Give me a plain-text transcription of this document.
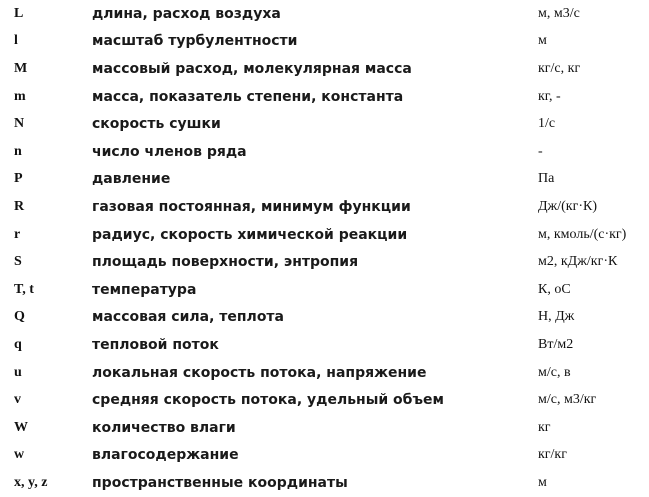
L	длина, расход воздуха	м, м3/с
l	масштаб турбулентности	м
M	массовый расход, молекулярная масса	кг/с, кг
m	масса, показатель степени, константа	кг, -
N	скорость сушки	1/с
n	число членов ряда	-
P	давление	Па
R	газовая постоянная, минимум функции	Дж/(кг·К)
r	радиус, скорость химической реакции	м, кмоль/(с·кг)
S	площадь поверхности, энтропия	м2, кДж/кг·К
T, t	температура	К, оС
Q	массовая сила, теплота	Н, Дж
q	тепловой поток	Вт/м2
u	локальная скорость потока, напряжение	м/с, в
v	средняя скорость потока, удельный объем	м/с, м3/кг
W	количество влаги	кг
w	влагосодержание	кг/кг
x, y, z	пространственные координаты	м
